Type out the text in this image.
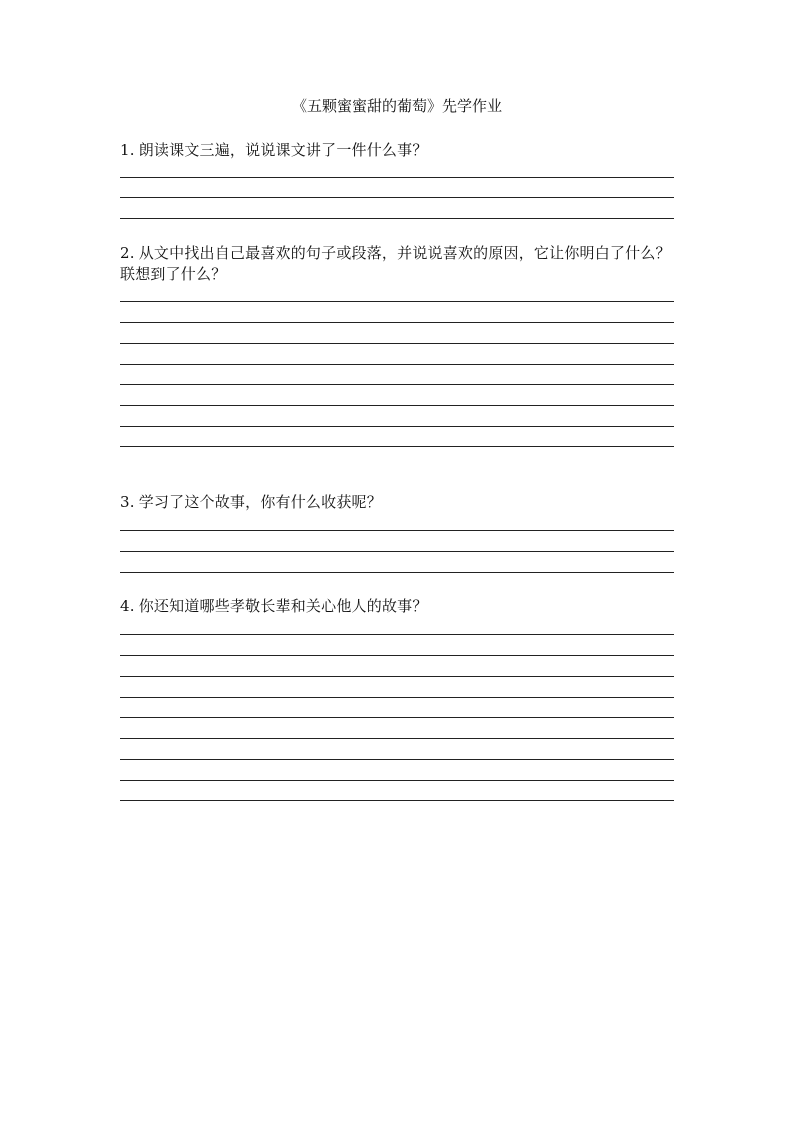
《五颗蜜蜜甜的葡萄》先学作业
1. 朗读课文三遍，说说课文讲了一件什么事？
2. 从文中找出自己最喜欢的句子或段落，并说说喜欢的原因，它让你明白了什么？联想到了什么？
3. 学习了这个故事，你有什么收获呢？
4. 你还知道哪些孝敬长辈和关心他人的故事？
